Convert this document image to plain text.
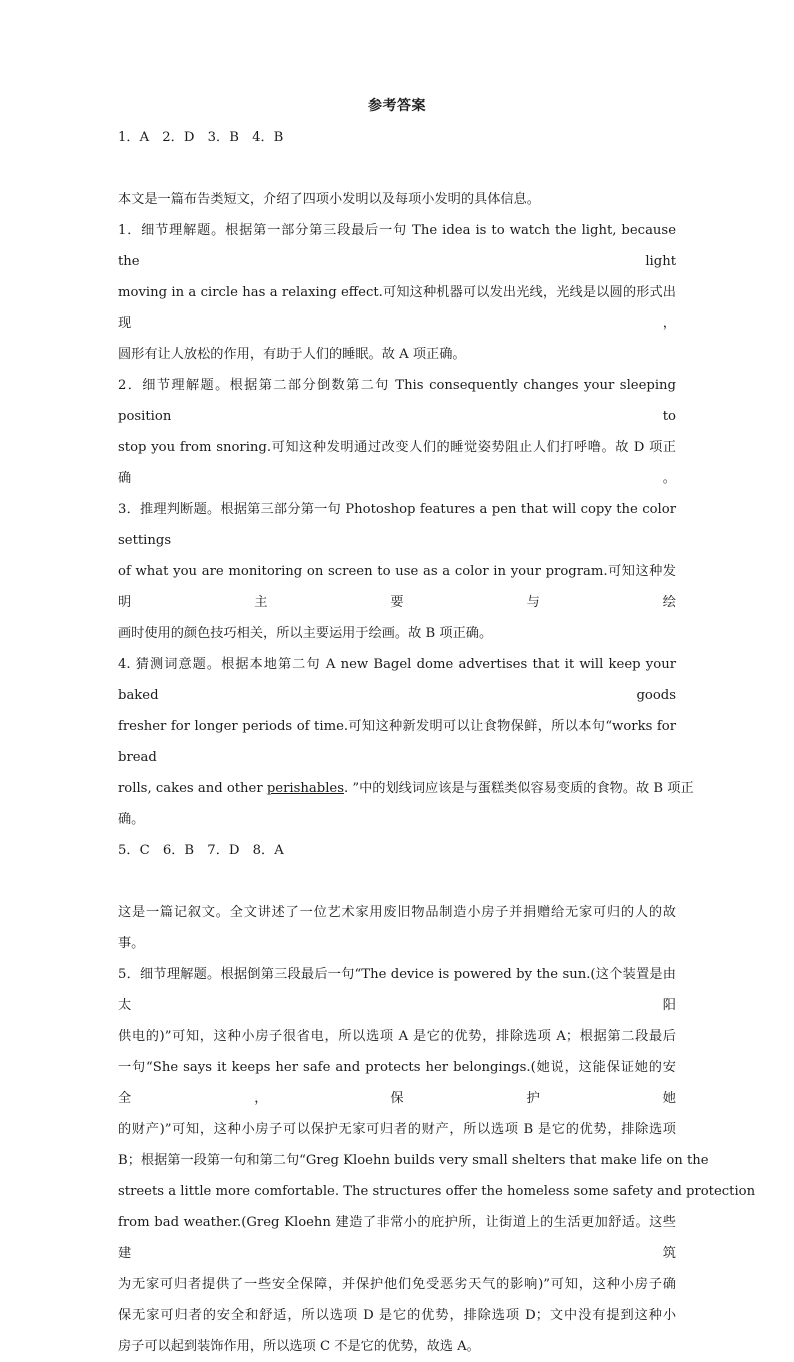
参考答案

1．A　2．D　3．B　4．B

本文是一篇布告类短文，介绍了四项小发明以及每项小发明的具体信息。

1．细节理解题。根据第一部分第三段最后一句 The idea is to watch the light, because the light

moving in a circle has a relaxing effect.可知这种机器可以发出光线，光线是以圆的形式出现，

圆形有让人放松的作用，有助于人们的睡眠。故 A 项正确。

2．细节理解题。根据第二部分倒数第二句 This consequently changes your sleeping position to

stop you from snoring.可知这种发明通过改变人们的睡觉姿势阻止人们打呼噜。故 D 项正确。

3．推理判断题。根据第三部分第一句 Photoshop features a pen that will copy the color settings

of what you are monitoring on screen to use as a color in your program.可知这种发明主要与绘

画时使用的颜色技巧相关，所以主要运用于绘画。故 B 项正确。

4. 猜测词意题。根据本地第二句 A new Bagel dome advertises that it will keep your baked goods

fresher for longer periods of time.可知这种新发明可以让食物保鲜，所以本句“works for bread

rolls, cakes and other perishables. ”中的划线词应该是与蛋糕类似容易变质的食物。故 B 项正

确。

5．C　6．B　7．D　8．A

这是一篇记叙文。全文讲述了一位艺术家用废旧物品制造小房子并捐赠给无家可归的人的故

事。

5．细节理解题。根据倒第三段最后一句“The device is powered by the sun.(这个装置是由太阳

供电的)”可知，这种小房子很省电，所以选项 A 是它的优势，排除选项 A；根据第二段最后

一句“She says it keeps her safe and protects her belongings.(她说，这能保证她的安全，保护她

的财产)”可知，这种小房子可以保护无家可归者的财产，所以选项 B 是它的优势，排除选项

B；根据第一段第一句和第二句“Greg Kloehn builds very small shelters that make life on the

streets a little more comfortable. The structures offer the homeless some safety and protection

from bad weather.(Greg Kloehn 建造了非常小的庇护所，让街道上的生活更加舒适。这些建筑

为无家可归者提供了一些安全保障，并保护他们免受恶劣天气的影响)”可知，这种小房子确

保无家可归者的安全和舒适，所以选项 D 是它的优势，排除选项 D；文中没有提到这种小

房子可以起到装饰作用，所以选项 C 不是它的优势，故选 A。
